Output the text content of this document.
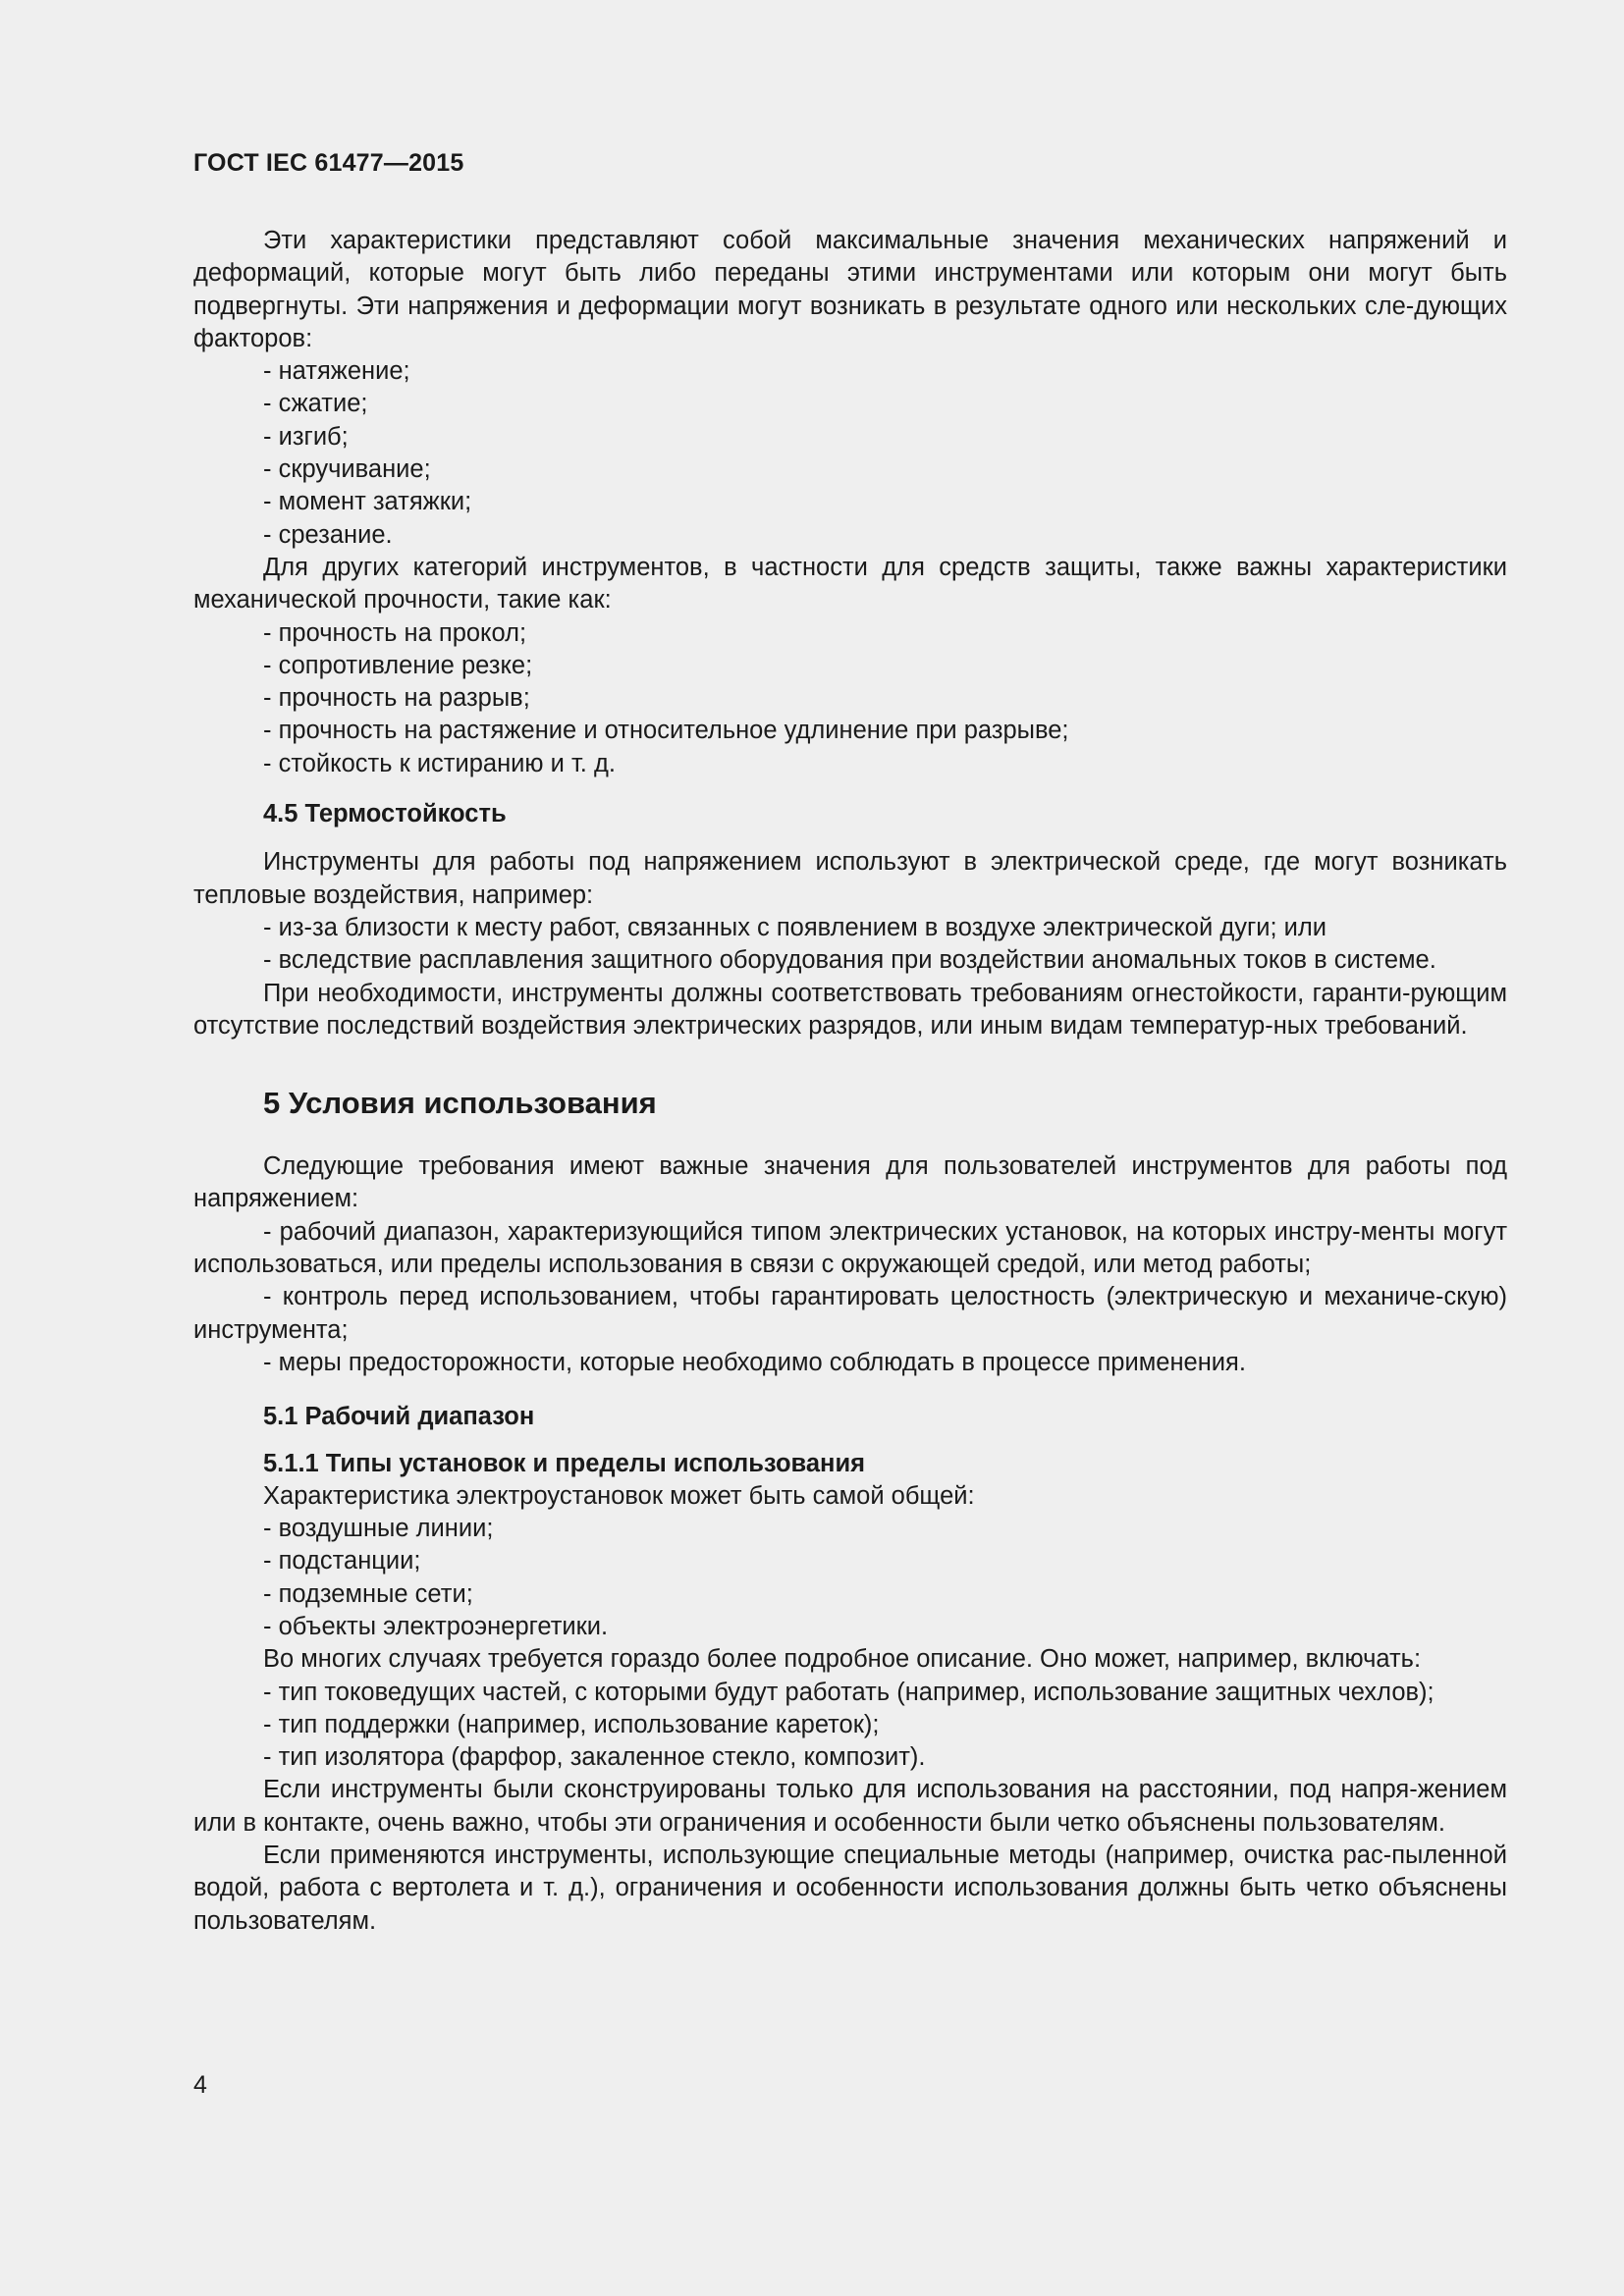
ГОСТ IEC 61477—2015

Эти характеристики представляют собой максимальные значения механических напряжений и деформаций, которые могут быть либо переданы этими инструментами или которым они могут быть подвергнуты. Эти напряжения и деформации могут возникать в результате одного или нескольких сле-дующих факторов:

- натяжение;

- сжатие;

- изгиб;

- скручивание;

- момент затяжки;

- срезание.

Для других категорий инструментов, в частности для средств защиты, также важны характеристики механической прочности, такие как:

- прочность на прокол;

- сопротивление резке;

- прочность на разрыв;

- прочность на растяжение и относительное удлинение при разрыве;

- стойкость к истиранию и т. д.

4.5 Термостойкость

Инструменты для работы под напряжением используют в электрической среде, где могут возникать тепловые воздействия, например:

- из-за близости к месту работ, связанных с появлением в воздухе электрической дуги; или

- вследствие расплавления защитного оборудования при воздействии аномальных токов в системе.

При необходимости, инструменты должны соответствовать требованиям огнестойкости, гаранти-рующим отсутствие последствий воздействия электрических разрядов, или иным видам температур-ных требований.

5 Условия использования

Следующие требования имеют важные значения для пользователей инструментов для работы под напряжением:

- рабочий диапазон, характеризующийся типом электрических установок, на которых инстру-менты могут использоваться, или пределы использования в связи с окружающей средой, или метод работы;

- контроль перед использованием, чтобы гарантировать целостность (электрическую и механиче-скую) инструмента;

- меры предосторожности, которые необходимо соблюдать в процессе применения.

5.1 Рабочий диапазон

5.1.1 Типы установок и пределы использования

Характеристика электроустановок может быть самой общей:

- воздушные линии;

- подстанции;

- подземные сети;

- объекты электроэнергетики.

Во многих случаях требуется гораздо более подробное описание. Оно может, например, включать:

- тип токоведущих частей, с которыми будут работать (например, использование защитных чехлов);

- тип поддержки (например, использование кареток);

- тип изолятора (фарфор, закаленное стекло, композит).

Если инструменты были сконструированы только для использования на расстоянии, под напря-жением или в контакте, очень важно, чтобы эти ограничения и особенности были четко объяснены пользователям.

Если применяются инструменты, использующие специальные методы (например, очистка рас-пыленной водой, работа с вертолета и т. д.), ограничения и особенности использования должны быть четко объяснены пользователям.

4
